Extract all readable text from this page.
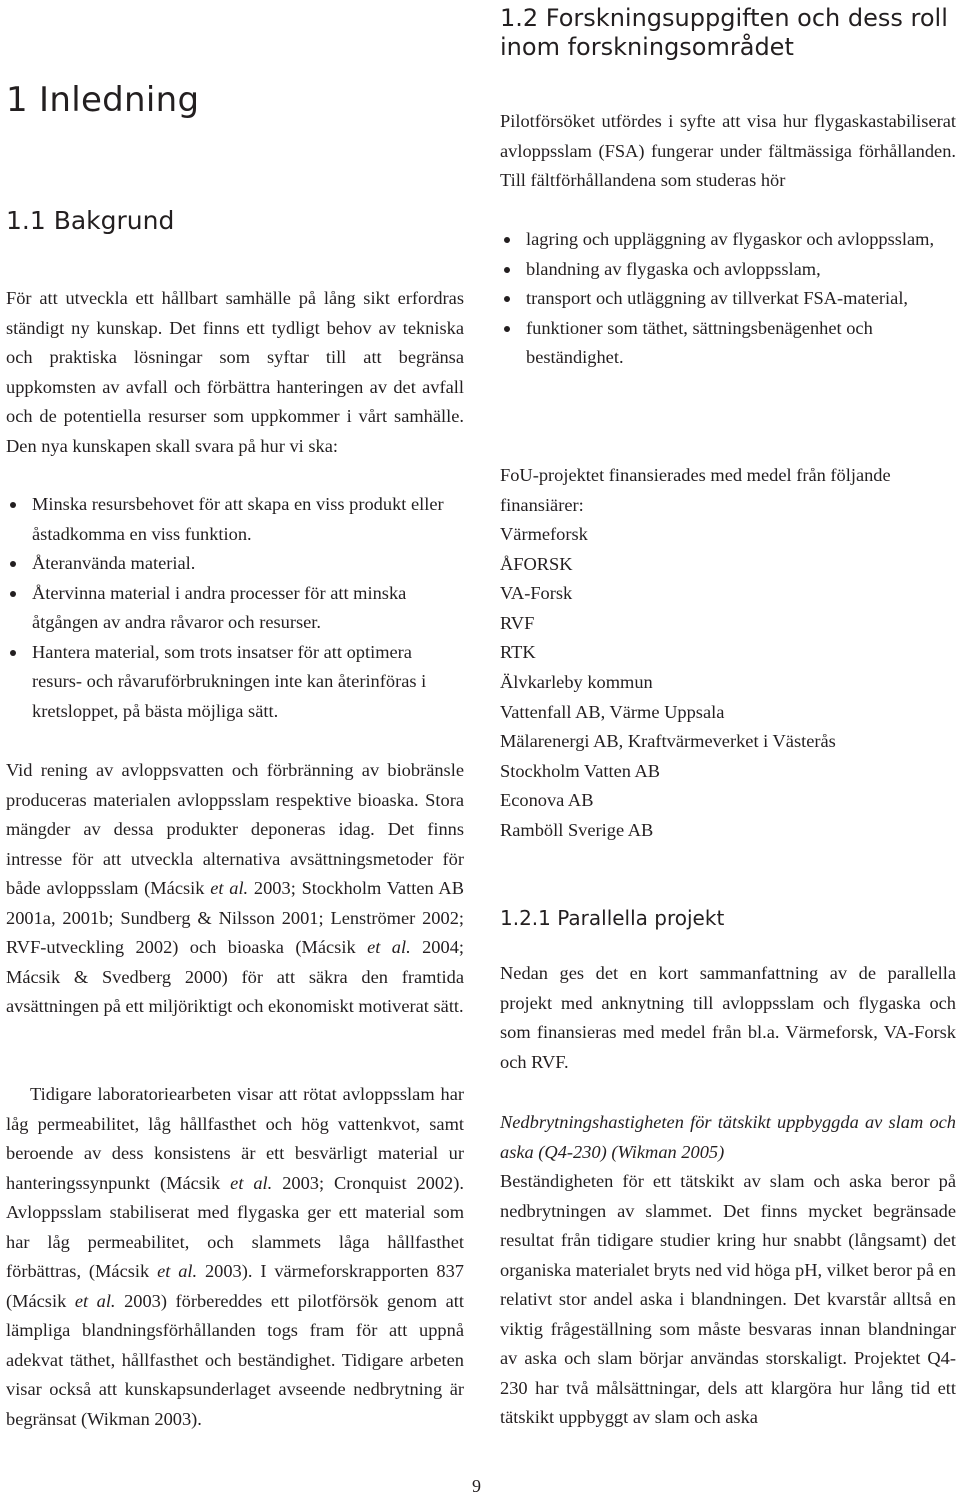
1.2 Forskningsuppgiften och dess roll inom forskningsområdet
1 Inledning
1.1 Bakgrund

För att utveckla ett hållbart samhälle på lång sikt erfordras ständigt ny kunskap. Det finns ett tydligt behov av tekniska och praktiska lösningar som syftar till att begränsa uppkomsten av avfall och förbättra hanteringen av det avfall och de potentiella resurser som uppkommer i vårt samhälle. Den nya kunskapen skall svara på hur vi ska:

Minska resursbehovet för att skapa en viss produkt eller åstadkomma en viss funktion.
Återanvända material.
Återvinna material i andra processer för att minska åtgången av andra råvaror och resurser.
Hantera material, som trots insatser för att optimera resurs- och råvaruförbrukningen inte kan återinföras i kretsloppet, på bästa möjliga sätt.

Vid rening av avloppsvatten och förbränning av biobränsle produceras materialen avloppsslam respektive bioaska. Stora mängder av dessa produkter deponeras idag. Det finns intresse för att utveckla alternativa avsättningsmetoder för både avloppsslam (Mácsik et al. 2003; Stockholm Vatten AB 2001a, 2001b; Sundberg & Nilsson 2001; Lenströmer 2002; RVF-utveckling 2002) och bioaska (Mácsik et al. 2004; Mácsik & Svedberg 2000) för att säkra den framtida avsättningen på ett miljöriktigt och ekonomiskt motiverat sätt.

Tidigare laboratoriearbeten visar att rötat avloppsslam har låg permeabilitet, låg hållfasthet och hög vattenkvot, samt beroende av dess konsistens är ett besvärligt material ur hanteringssynpunkt (Mácsik et al. 2003; Cronquist 2002). Avloppsslam stabiliserat med flygaska ger ett material som har låg permeabilitet, och slammets låga hållfasthet förbättras, (Mácsik et al. 2003). I värmeforskrapporten 837 (Mácsik et al. 2003) förbereddes ett pilotförsök genom att lämpliga blandningsförhållanden togs fram för att uppnå adekvat täthet, hållfasthet och beständighet. Tidigare arbeten visar också att kunskapsunderlaget avseende nedbrytning är begränsat (Wikman 2003).

Pilotförsöket utfördes i syfte att visa hur flygaskastabiliserat avloppsslam (FSA) fungerar under fältmässiga förhållanden. Till fältförhållandena som studeras hör

lagring och uppläggning av flygaskor och avloppsslam,
blandning av flygaska och avloppsslam,
transport och utläggning av tillverkat FSA-material,
funktioner som täthet, sättningsbenägenhet och beständighet.

FoU-projektet finansierades med medel från följande finansiärer:

Värmeforsk
ÅFORSK
VA-Forsk
RVF
RTK
Älvkarleby kommun
Vattenfall AB, Värme Uppsala
Mälarenergi AB, Kraftvärmeverket i Västerås
Stockholm Vatten AB
Econova AB
Ramböll Sverige AB
1.2.1 Parallella projekt

Nedan ges det en kort sammanfattning av de parallella projekt med anknytning till avloppsslam och flygaska och som finansieras med medel från bl.a. Värmeforsk, VA-Forsk och RVF.

Nedbrytningshastigheten för tätskikt uppbyggda av slam och aska (Q4-230) (Wikman 2005)

Beständigheten för ett tätskikt av slam och aska beror på nedbrytningen av slammet. Det finns mycket begränsade resultat från tidigare studier kring hur snabbt (långsamt) det organiska materialet bryts ned vid höga pH, vilket beror på en relativt stor andel aska i blandningen. Det kvarstår alltså en viktig frågeställning som måste besvaras innan blandningar av aska och slam börjar användas storskaligt. Projektet Q4-230 har två målsättningar, dels att klargöra hur lång tid ett tätskikt uppbyggt av slam och aska

9
